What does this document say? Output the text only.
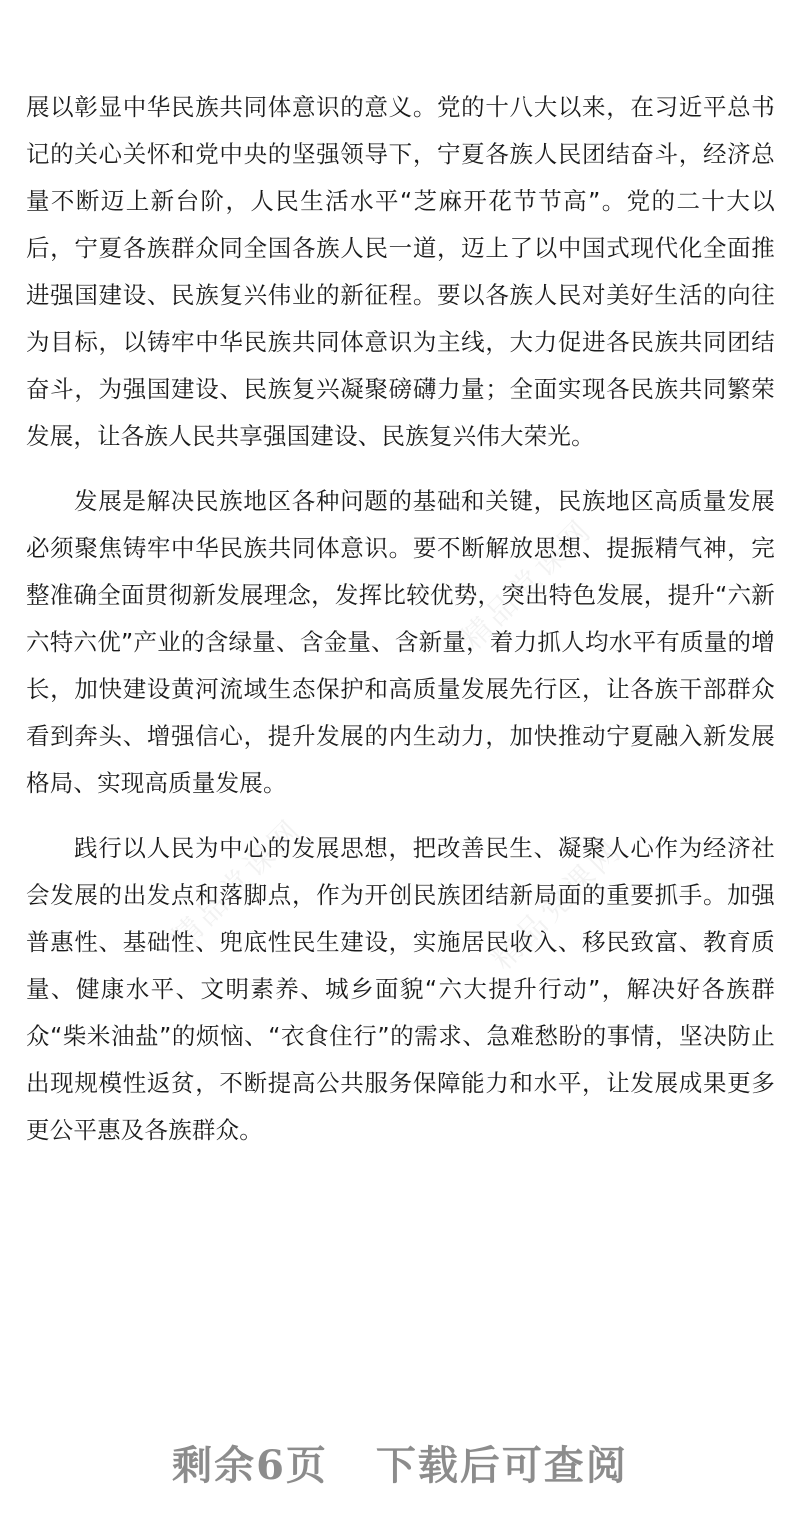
精品党课网
精品党课网	精品党课网

展以彰显中华民族共同体意识的意义。党的十八大以来，在习近平总书记的关心关怀和党中央的坚强领导下，宁夏各族人民团结奋斗，经济总量不断迈上新台阶，人民生活水平“芝麻开花节节高”。党的二十大以后，宁夏各族群众同全国各族人民一道，迈上了以中国式现代化全面推进强国建设、民族复兴伟业的新征程。要以各族人民对美好生活的向往为目标，以铸牢中华民族共同体意识为主线，大力促进各民族共同团结奋斗，为强国建设、民族复兴凝聚磅礴力量；全面实现各民族共同繁荣发展，让各族人民共享强国建设、民族复兴伟大荣光。

发展是解决民族地区各种问题的基础和关键，民族地区高质量发展必须聚焦铸牢中华民族共同体意识。要不断解放思想、提振精气神，完整准确全面贯彻新发展理念，发挥比较优势，突出特色发展，提升“六新六特六优”产业的含绿量、含金量、含新量，着力抓人均水平有质量的增长，加快建设黄河流域生态保护和高质量发展先行区，让各族干部群众看到奔头、增强信心，提升发展的内生动力，加快推动宁夏融入新发展格局、实现高质量发展。

践行以人民为中心的发展思想，把改善民生、凝聚人心作为经济社会发展的出发点和落脚点，作为开创民族团结新局面的重要抓手。加强普惠性、基础性、兜底性民生建设，实施居民收入、移民致富、教育质量、健康水平、文明素养、城乡面貌“六大提升行动”，解决好各族群众“柴米油盐”的烦恼、“衣食住行”的需求、急难愁盼的事情，坚决防止出现规模性返贫，不断提高公共服务保障能力和水平，让发展成果更多更公平惠及各族群众。

剩余6页 下载后可查阅
